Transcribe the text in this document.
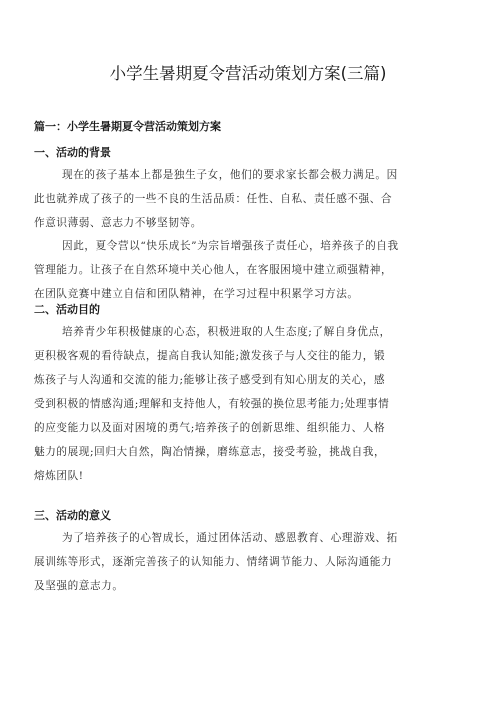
小学生暑期夏令营活动策划方案(三篇)
篇一：小学生暑期夏令营活动策划方案
一、活动的背景

现在的孩子基本上都是独生子女，他们的要求家长都会极力满足。因
此也就养成了孩子的一些不良的生活品质：任性、自私、责任感不强、合
作意识薄弱、意志力不够坚韧等。

因此，夏令营以“快乐成长”为宗旨增强孩子责任心，培养孩子的自我
管理能力。让孩子在自然环境中关心他人，在客服困境中建立顽强精神，
在团队竞赛中建立自信和团队精神，在学习过程中积累学习方法。

二、活动目的

培养青少年积极健康的心态，积极进取的人生态度;了解自身优点，
更积极客观的看待缺点，提高自我认知能;激发孩子与人交往的能力，锻
炼孩子与人沟通和交流的能力;能够让孩子感受到有知心朋友的关心，感
受到积极的情感沟通;理解和支持他人，有较强的换位思考能力;处理事情
的应变能力以及面对困境的勇气;培养孩子的创新思维、组织能力、人格
魅力的展现;回归大自然，陶冶情操，磨练意志，接受考验，挑战自我，
熔炼团队!

三、活动的意义

为了培养孩子的心智成长，通过团体活动、感恩教育、心理游戏、拓
展训练等形式，逐渐完善孩子的认知能力、情绪调节能力、人际沟通能力
及坚强的意志力。
